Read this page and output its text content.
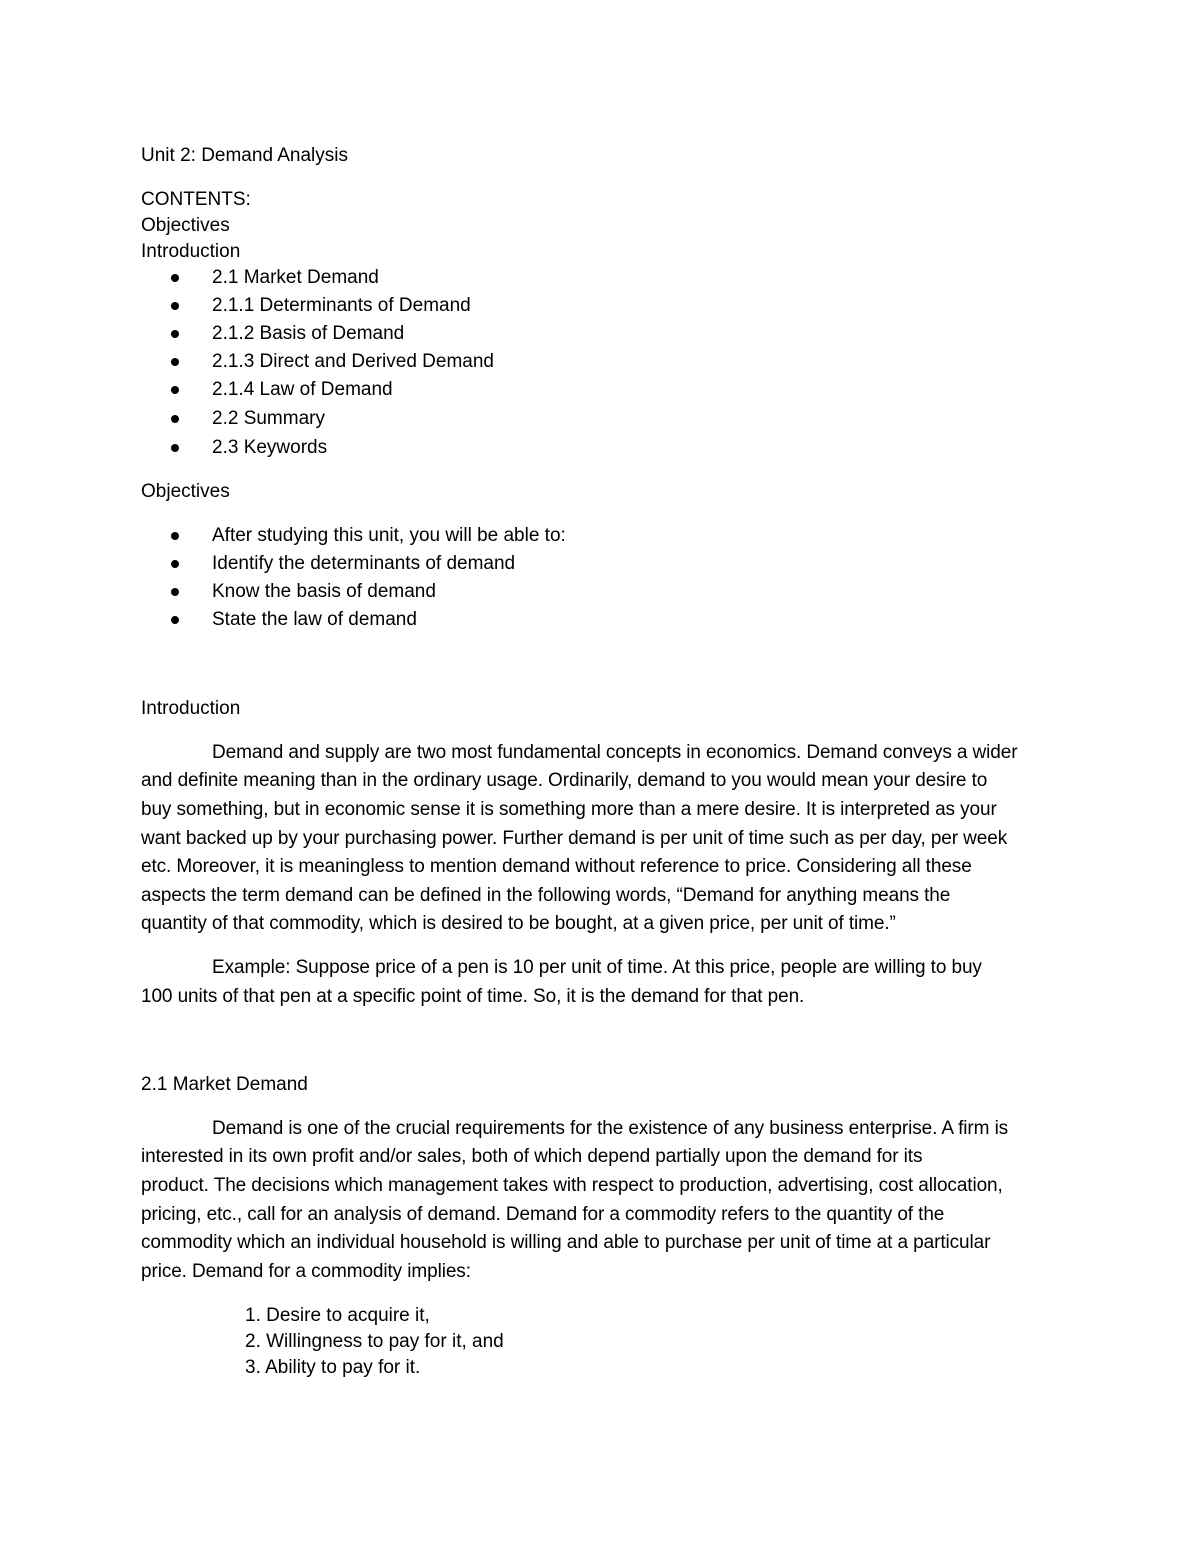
Unit 2: Demand Analysis
CONTENTS:
Objectives
Introduction
2.1 Market Demand
2.1.1 Determinants of Demand
2.1.2 Basis of Demand
2.1.3 Direct and Derived Demand
2.1.4 Law of Demand
2.2 Summary
2.3 Keywords
Objectives
After studying this unit, you will be able to:
Identify the determinants of demand
Know the basis of demand
State the law of demand
Introduction
Demand and supply are two most fundamental concepts in economics. Demand conveys a wider
and definite meaning than in the ordinary usage. Ordinarily, demand to you would mean your desire to
buy something, but in economic sense it is something more than a mere desire. It is interpreted as your
want backed up by your purchasing power. Further demand is per unit of time such as per day, per week
etc. Moreover, it is meaningless to mention demand without reference to price. Considering all these
aspects the term demand can be defined in the following words, “Demand for anything means the
quantity of that commodity, which is desired to be bought, at a given price, per unit of time.”
Example: Suppose price of a pen is 10 per unit of time. At this price, people are willing to buy
100 units of that pen at a specific point of time. So, it is the demand for that pen.
2.1 Market Demand
Demand is one of the crucial requirements for the existence of any business enterprise. A firm is
interested in its own profit and/or sales, both of which depend partially upon the demand for its
product. The decisions which management takes with respect to production, advertising, cost allocation,
pricing, etc., call for an analysis of demand. Demand for a commodity refers to the quantity of the
commodity which an individual household is willing and able to purchase per unit of time at a particular
price. Demand for a commodity implies:
1. Desire to acquire it,
2. Willingness to pay for it, and
3. Ability to pay for it.
